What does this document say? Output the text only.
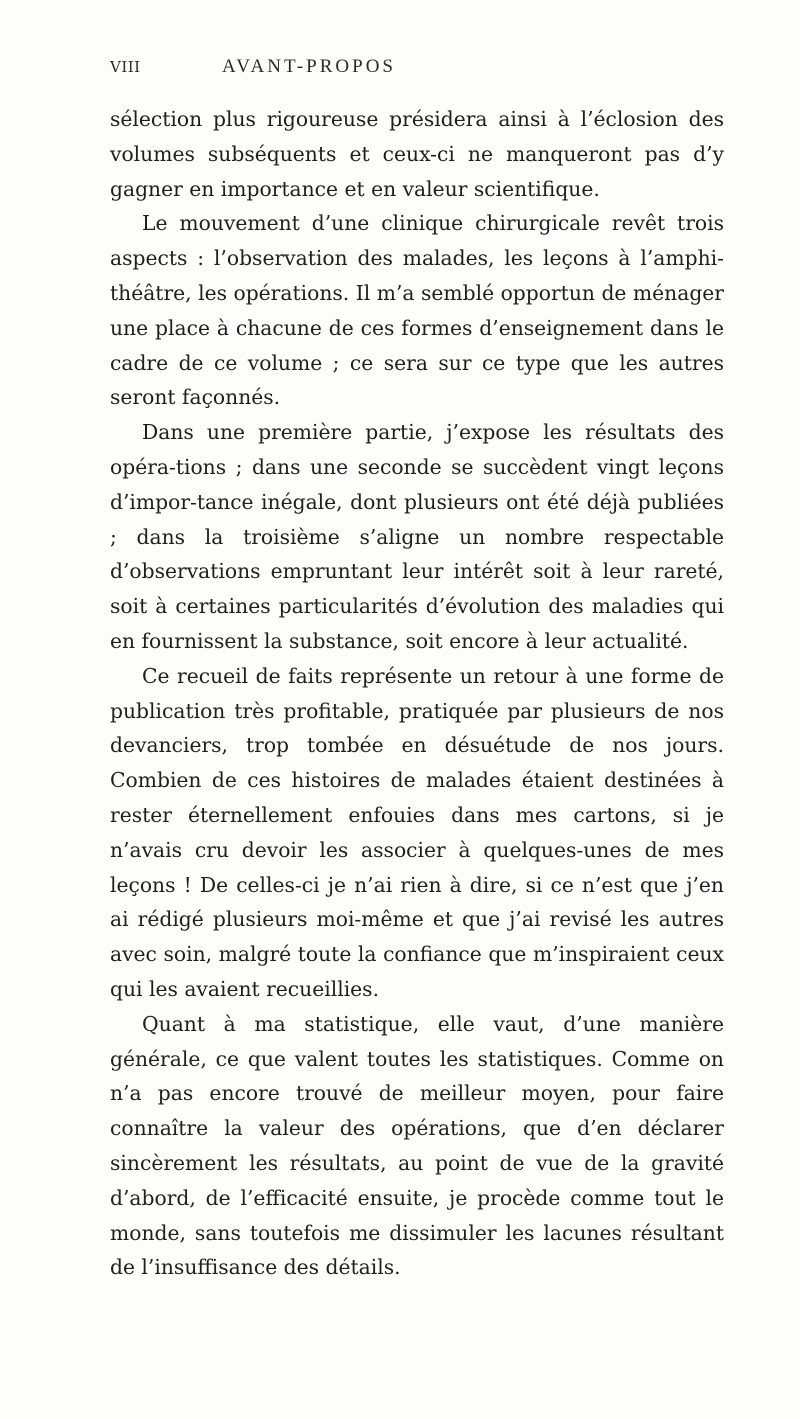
VIII	AVANT-PROPOS

sélection plus rigoureuse présidera ainsi à l’éclosion des volumes subséquents et ceux-ci ne manqueront pas d’y gagner en importance et en valeur scientifique.

Le mouvement d’une clinique chirurgicale revêt trois aspects : l’observation des malades, les leçons à l’amphi-théâtre, les opérations. Il m’a semblé opportun de ménager une place à chacune de ces formes d’enseignement dans le cadre de ce volume ; ce sera sur ce type que les autres seront façonnés.

Dans une première partie, j’expose les résultats des opéra-tions ; dans une seconde se succèdent vingt leçons d’impor-tance inégale, dont plusieurs ont été déjà publiées ; dans la troisième s’aligne un nombre respectable d’observations empruntant leur intérêt soit à leur rareté, soit à certaines particularités d’évolution des maladies qui en fournissent la substance, soit encore à leur actualité.

Ce recueil de faits représente un retour à une forme de publication très profitable, pratiquée par plusieurs de nos devanciers, trop tombée en désuétude de nos jours. Combien de ces histoires de malades étaient destinées à rester éternellement enfouies dans mes cartons, si je n’avais cru devoir les associer à quelques-unes de mes leçons ! De celles-ci je n’ai rien à dire, si ce n’est que j’en ai rédigé plusieurs moi-même et que j’ai revisé les autres avec soin, malgré toute la confiance que m’inspiraient ceux qui les avaient recueillies.

Quant à ma statistique, elle vaut, d’une manière générale, ce que valent toutes les statistiques. Comme on n’a pas encore trouvé de meilleur moyen, pour faire connaître la valeur des opérations, que d’en déclarer sincèrement les résultats, au point de vue de la gravité d’abord, de l’efficacité ensuite, je procède comme tout le monde, sans toutefois me dissimuler les lacunes résultant de l’insuffisance des détails.
